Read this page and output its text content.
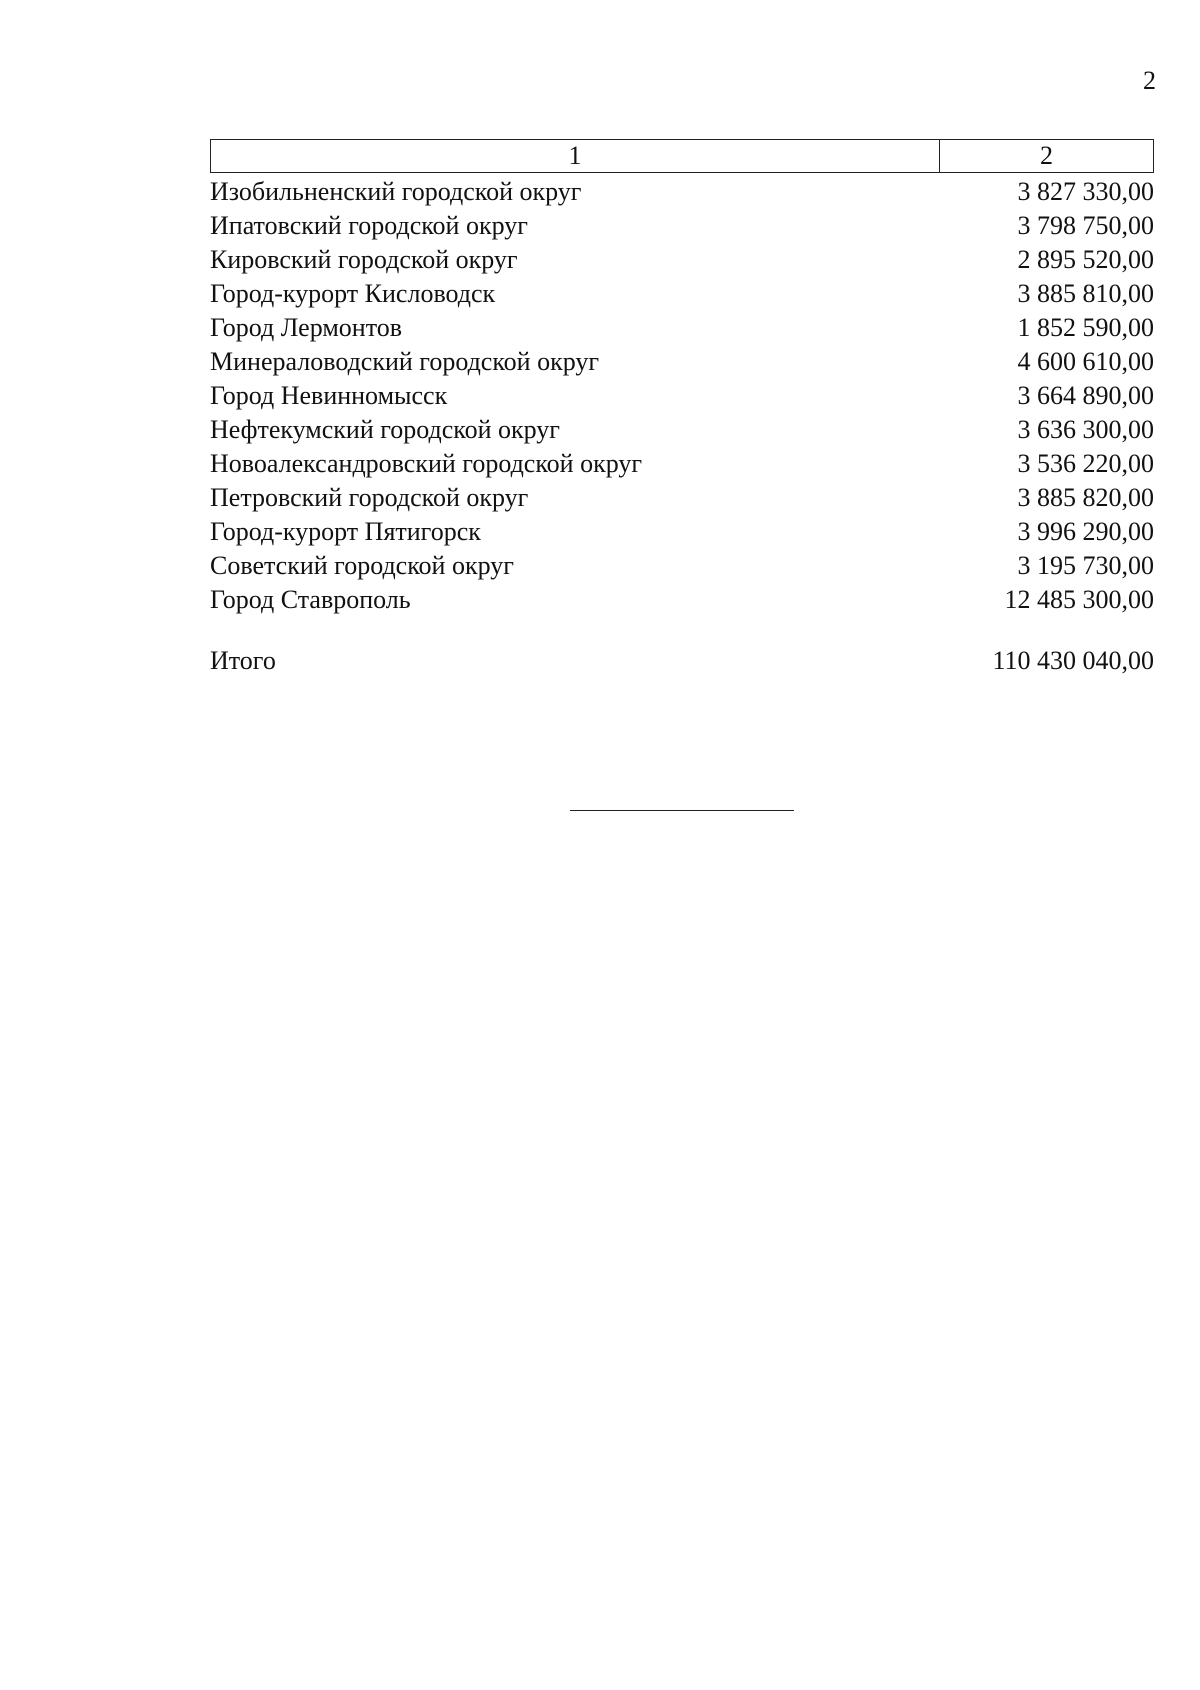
2
1	2
Изобильненский городской округ	3 827 330,00
Ипатовский городской округ	3 798 750,00
Кировский городской округ	2 895 520,00
Город-курорт Кисловодск	3 885 810,00
Город Лермонтов	1 852 590,00
Минераловодский городской округ	4 600 610,00
Город Невинномысск	3 664 890,00
Нефтекумский городской округ	3 636 300,00
Новоалександровский городской округ	3 536 220,00
Петровский городской округ	3 885 820,00
Город-курорт Пятигорск	3 996 290,00
Советский городской округ	3 195 730,00
Город Ставрополь	12 485 300,00
Итого	110 430 040,00
